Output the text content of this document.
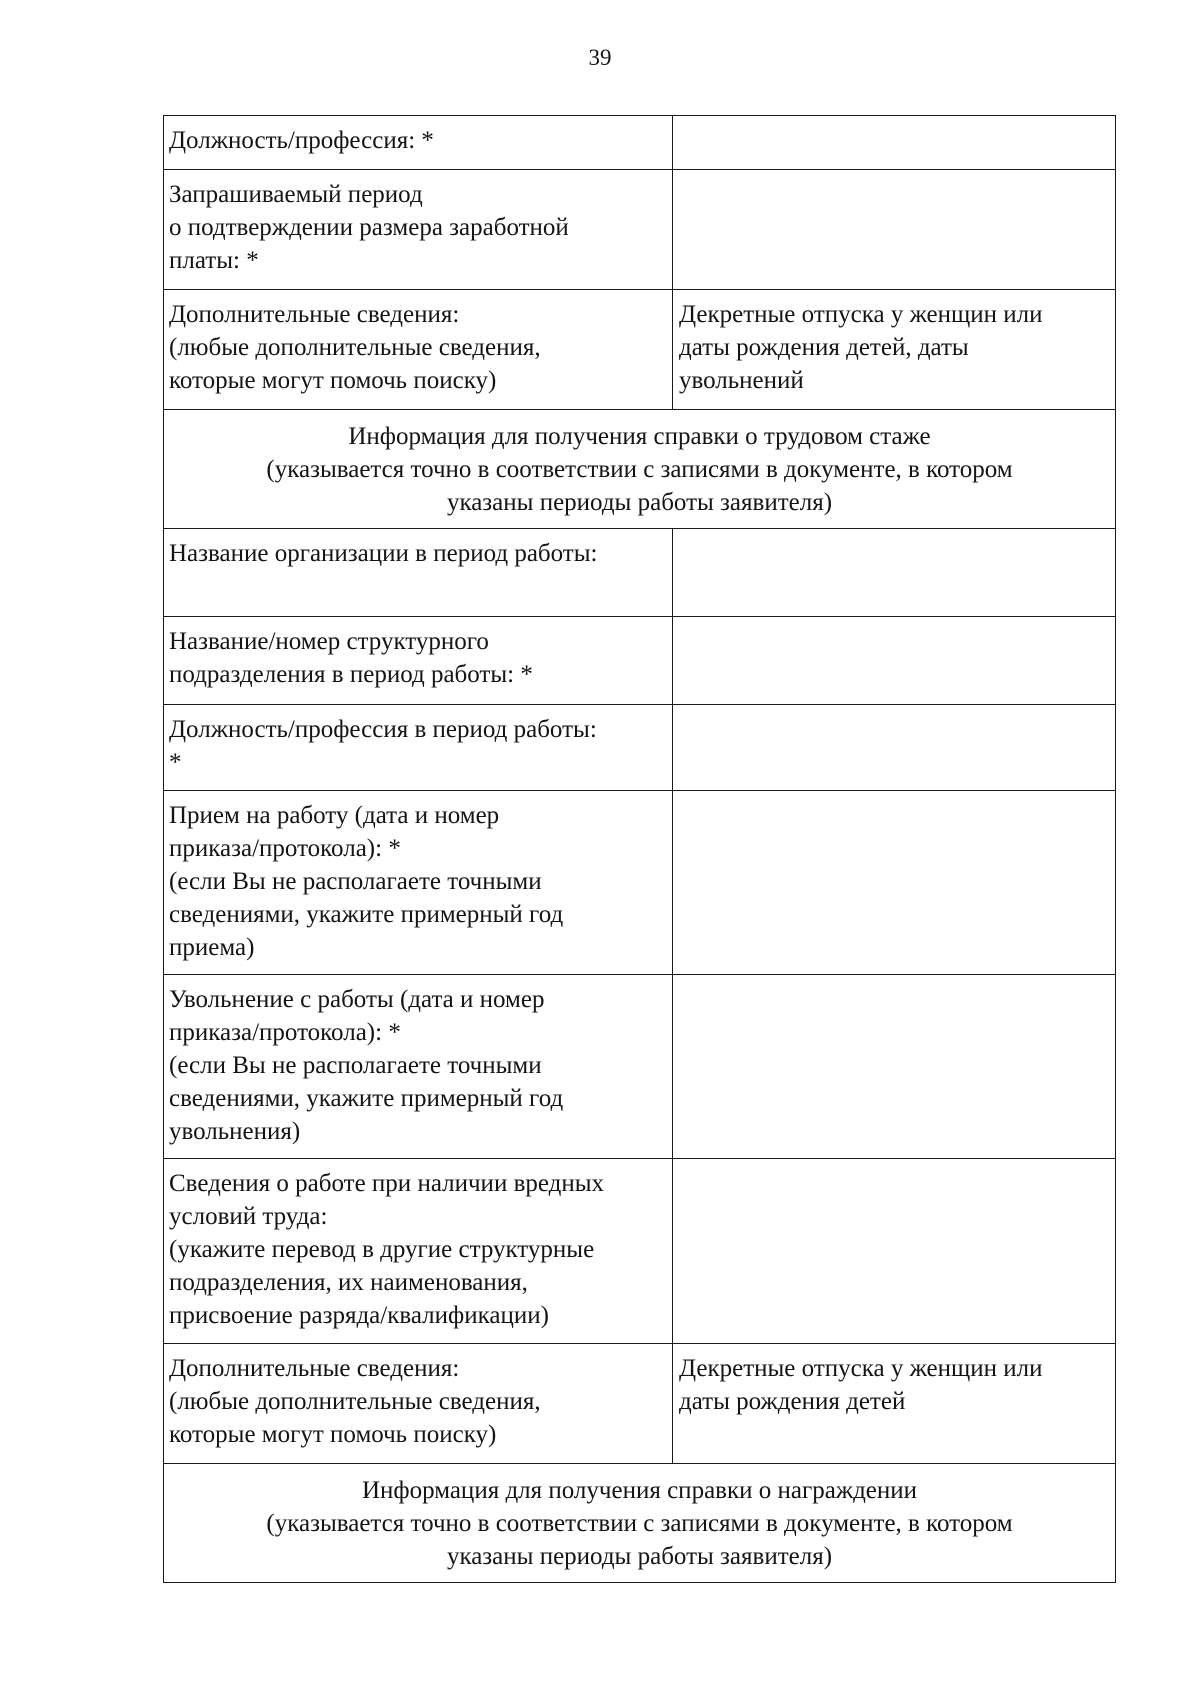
39
Должность/профессия: *
Запрашиваемый период
о подтверждении размера заработной
платы: *
Дополнительные сведения:
(любые дополнительные сведения,
которые могут помочь поиску)
Декретные отпуска у женщин или
даты рождения детей, даты
увольнений
Информация для получения справки о трудовом стаже
(указывается точно в соответствии с записями в документе, в котором
указаны периоды работы заявителя)
Название организации в период работы:
Название/номер структурного
подразделения в период работы: *
Должность/профессия в период работы:
*
Прием на работу (дата и номер
приказа/протокола): *
(если Вы не располагаете точными
сведениями, укажите примерный год
приема)
Увольнение с работы (дата и номер
приказа/протокола): *
(если Вы не располагаете точными
сведениями, укажите примерный год
увольнения)
Сведения о работе при наличии вредных
условий труда:
(укажите перевод в другие структурные
подразделения, их наименования,
присвоение разряда/квалификации)
Дополнительные сведения:
(любые дополнительные сведения,
которые могут помочь поиску)
Декретные отпуска у женщин или
даты рождения детей
Информация для получения справки о награждении
(указывается точно в соответствии с записями в документе, в котором
указаны периоды работы заявителя)
